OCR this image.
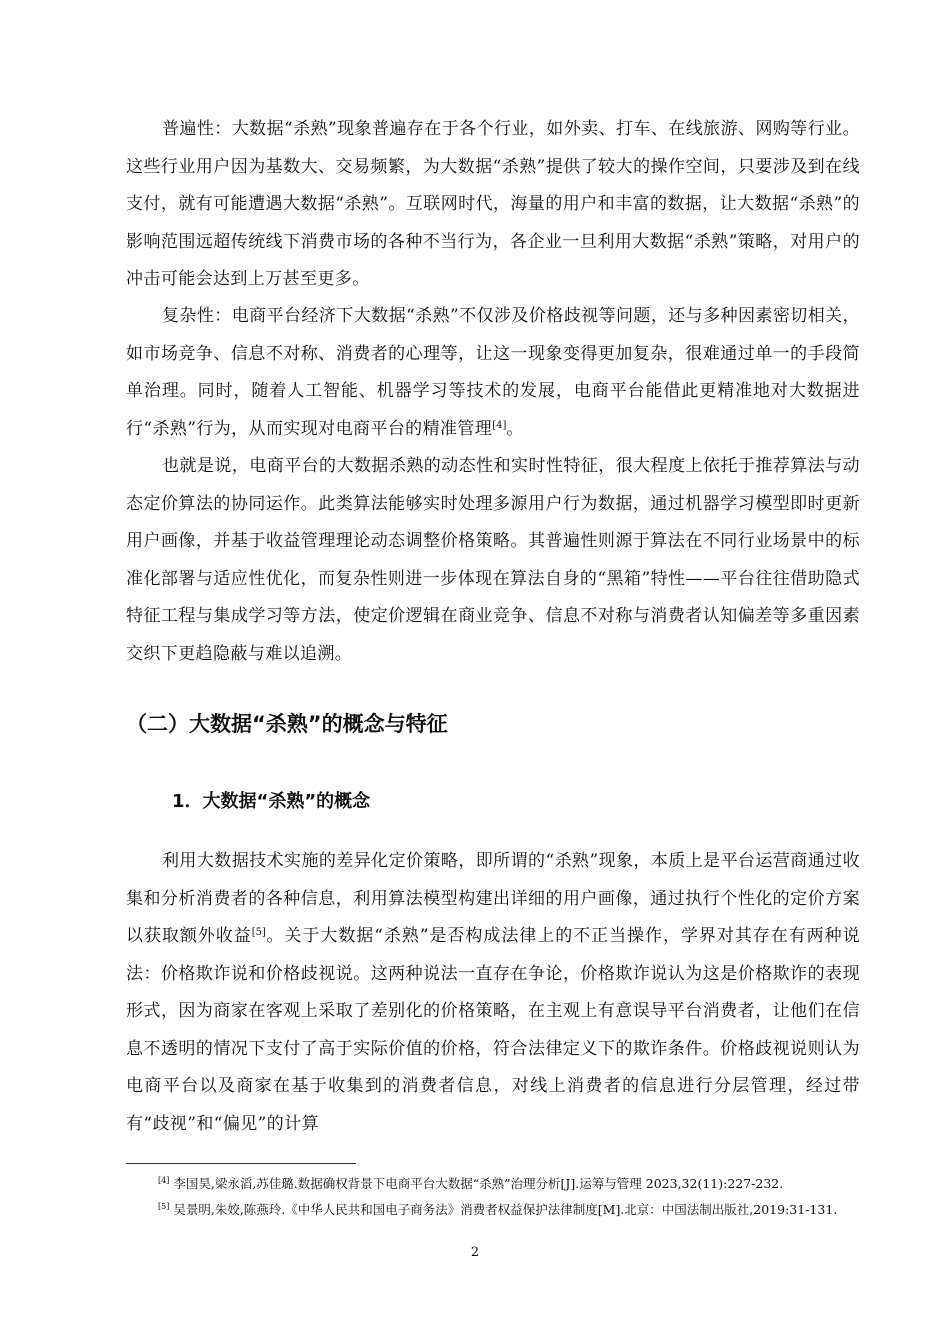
普遍性：大数据“杀熟”现象普遍存在于各个行业，如外卖、打车、在线旅游、网购等行业。这些行业用户因为基数大、交易频繁，为大数据“杀熟”提供了较大的操作空间，只要涉及到在线支付，就有可能遭遇大数据“杀熟”。互联网时代，海量的用户和丰富的数据，让大数据“杀熟”的影响范围远超传统线下消费市场的各种不当行为，各企业一旦利用大数据“杀熟”策略，对用户的冲击可能会达到上万甚至更多。

复杂性：电商平台经济下大数据“杀熟”不仅涉及价格歧视等问题，还与多种因素密切相关，如市场竞争、信息不对称、消费者的心理等，让这一现象变得更加复杂，很难通过单一的手段简单治理。同时，随着人工智能、机器学习等技术的发展，电商平台能借此更精准地对大数据进行“杀熟”行为，从而实现对电商平台的精准管理[4]。

也就是说，电商平台的大数据杀熟的动态性和实时性特征，很大程度上依托于推荐算法与动态定价算法的协同运作。此类算法能够实时处理多源用户行为数据，通过机器学习模型即时更新用户画像，并基于收益管理理论动态调整价格策略。其普遍性则源于算法在不同行业场景中的标准化部署与适应性优化，而复杂性则进一步体现在算法自身的“黑箱”特性——平台往往借助隐式特征工程与集成学习等方法，使定价逻辑在商业竞争、信息不对称与消费者认知偏差等多重因素交织下更趋隐蔽与难以追溯。

（二）大数据“杀熟”的概念与特征
1．大数据“杀熟”的概念

利用大数据技术实施的差异化定价策略，即所谓的“杀熟”现象，本质上是平台运营商通过收集和分析消费者的各种信息，利用算法模型构建出详细的用户画像，通过执行个性化的定价方案以获取额外收益[5]。关于大数据“杀熟”是否构成法律上的不正当操作，学界对其存在有两种说法：价格欺诈说和价格歧视说。这两种说法一直存在争论，价格欺诈说认为这是价格欺诈的表现形式，因为商家在客观上采取了差别化的价格策略，在主观上有意误导平台消费者，让他们在信息不透明的情况下支付了高于实际价值的价格，符合法律定义下的欺诈条件。价格歧视说则认为电商平台以及商家在基于收集到的消费者信息，对线上消费者的信息进行分层管理，经过带有“歧视”和“偏见”的计算

[4] 李国昊,梁永滔,苏佳璐.数据确权背景下电商平台大数据“杀熟”治理分析[J].运筹与管理 2023,32(11):227-232.

[5] 吴景明,朱姣,陈燕玲.《中华人民共和国电子商务法》消费者权益保护法律制度[M].北京：中国法制出版社,2019:31-131.

2
